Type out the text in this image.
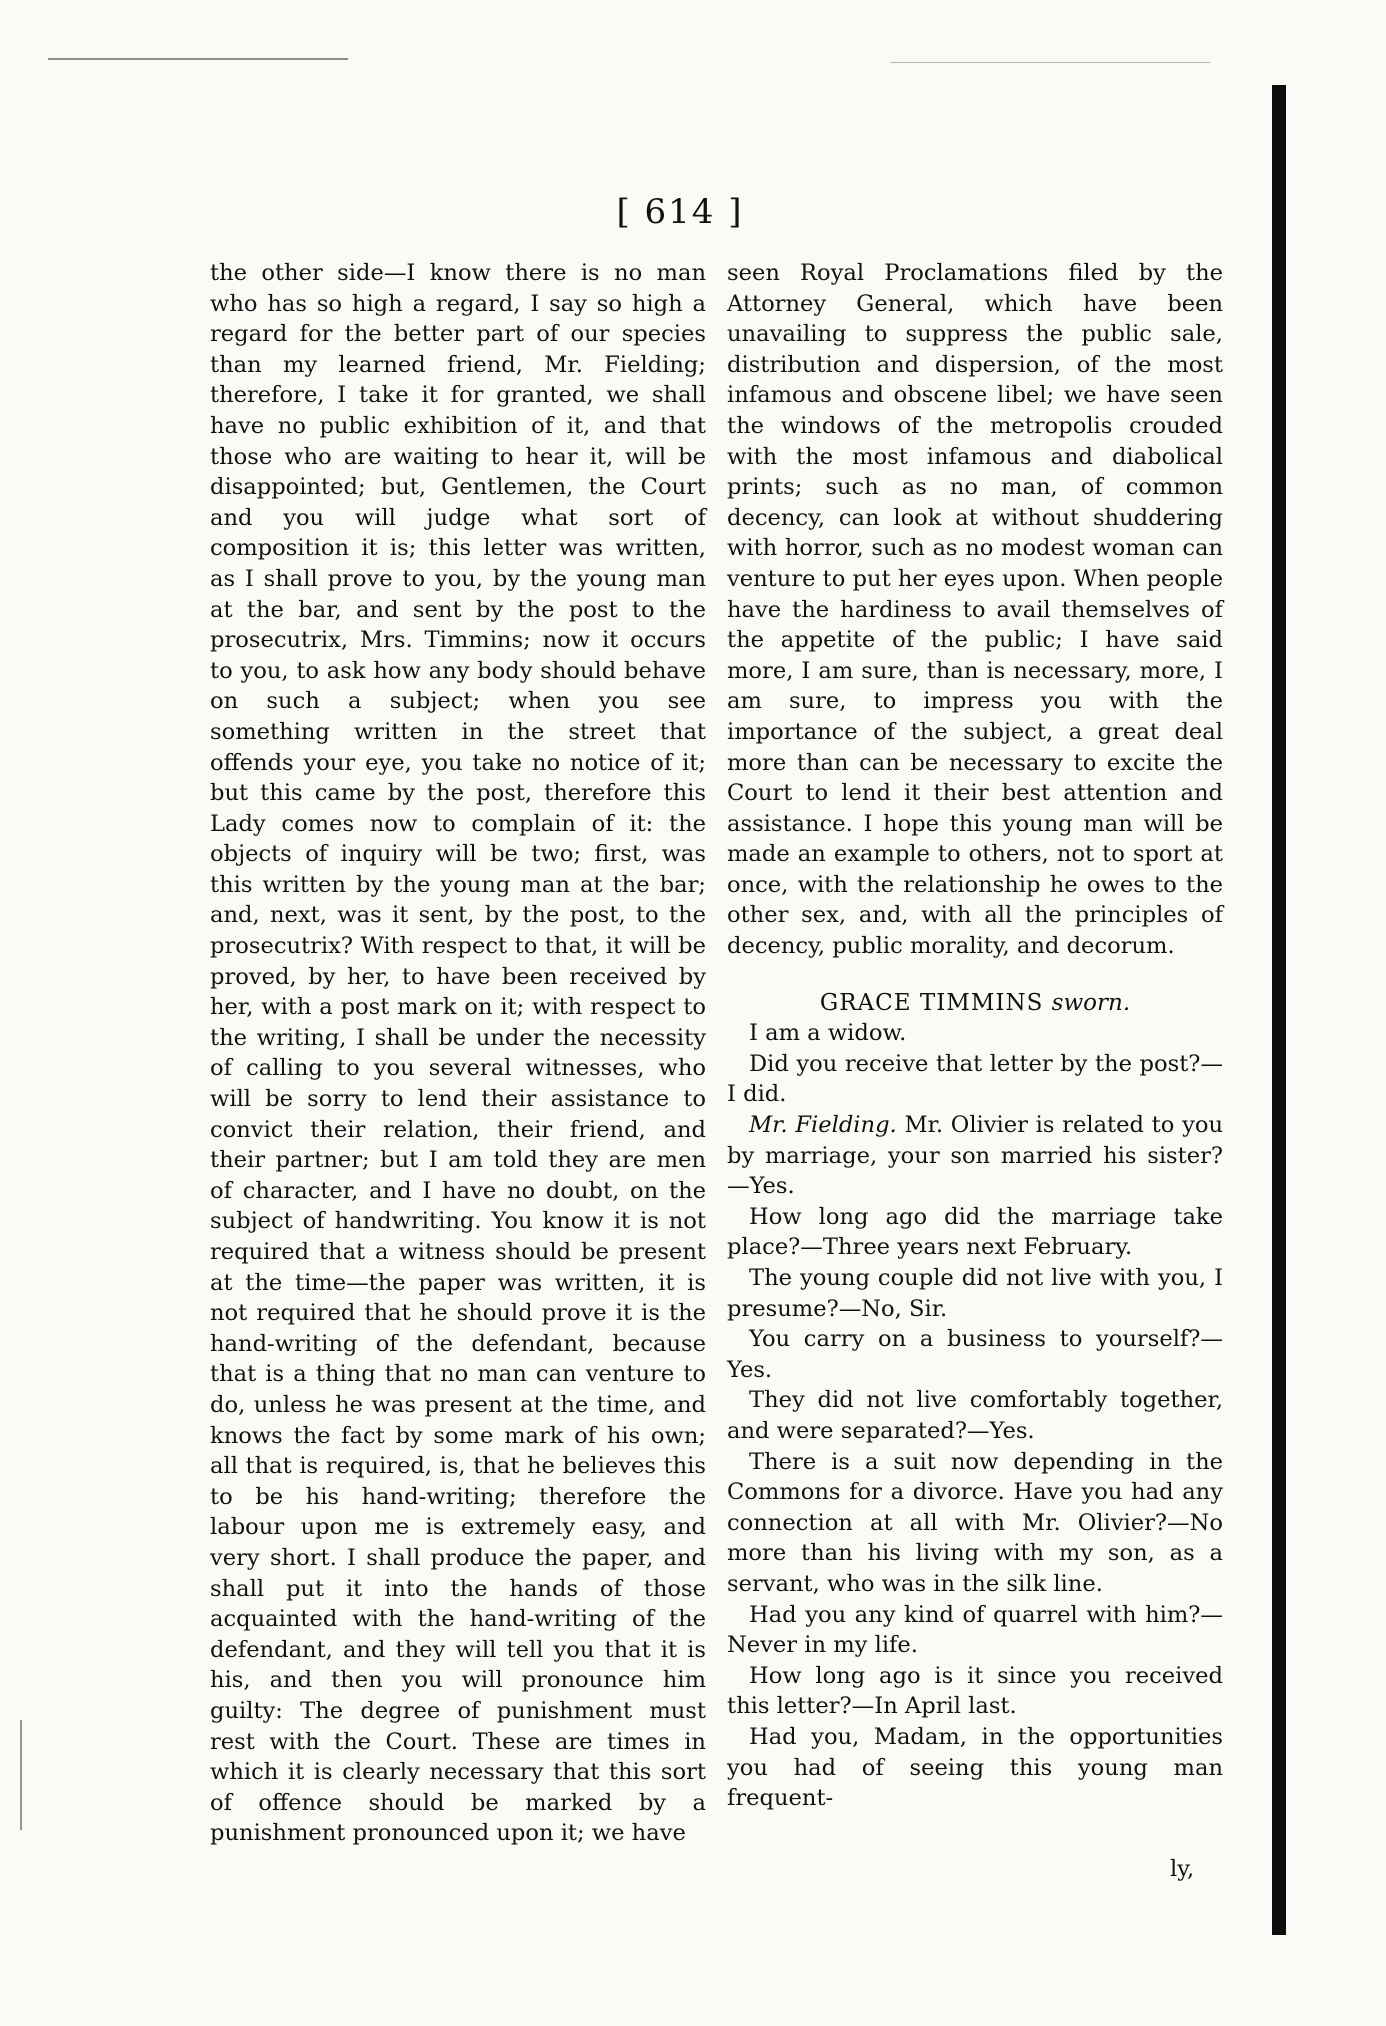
[ 614 ]

the other side—I know there is no man who has so high a regard, I say so high a regard for the better part of our species than my learned friend, Mr. Fielding; therefore, I take it for granted, we shall have no public exhibition of it, and that those who are waiting to hear it, will be disappointed; but, Gentlemen, the Court and you will judge what sort of composition it is; this letter was written, as I shall prove to you, by the young man at the bar, and sent by the post to the prosecutrix, Mrs. Timmins; now it occurs to you, to ask how any body should behave on such a subject; when you see something written in the street that offends your eye, you take no notice of it; but this came by the post, therefore this Lady comes now to complain of it: the objects of inquiry will be two; first, was this written by the young man at the bar; and, next, was it sent, by the post, to the prosecutrix? With respect to that, it will be proved, by her, to have been received by her, with a post mark on it; with respect to the writing, I shall be under the necessity of calling to you several witnesses, who will be sorry to lend their assistance to convict their relation, their friend, and their partner; but I am told they are men of character, and I have no doubt, on the subject of handwriting. You know it is not required that a witness should be present at the time—the paper was written, it is not required that he should prove it is the hand-writing of the defendant, because that is a thing that no man can venture to do, unless he was present at the time, and knows the fact by some mark of his own; all that is required, is, that he believes this to be his hand-writing; therefore the labour upon me is extremely easy, and very short. I shall produce the paper, and shall put it into the hands of those acquainted with the hand-writing of the defendant, and they will tell you that it is his, and then you will pronounce him guilty: The degree of punishment must rest with the Court. These are times in which it is clearly necessary that this sort of offence should be marked by a punishment pronounced upon it; we have

seen Royal Proclamations filed by the Attorney General, which have been unavailing to suppress the public sale, distribution and dispersion, of the most infamous and obscene libel; we have seen the windows of the metropolis crouded with the most infamous and diabolical prints; such as no man, of common decency, can look at without shuddering with horror, such as no modest woman can venture to put her eyes upon. When people have the hardiness to avail themselves of the appetite of the public; I have said more, I am sure, than is necessary, more, I am sure, to impress you with the importance of the subject, a great deal more than can be necessary to excite the Court to lend it their best attention and assistance. I hope this young man will be made an example to others, not to sport at once, with the relationship he owes to the other sex, and, with all the principles of decency, public morality, and decorum.

GRACE TIMMINS sworn.

I am a widow.

Did you receive that letter by the post?—I did.

Mr. Fielding. Mr. Olivier is related to you by marriage, your son married his sister?—Yes.

How long ago did the marriage take place?—Three years next February.

The young couple did not live with you, I presume?—No, Sir.

You carry on a business to yourself?—Yes.

They did not live comfortably together, and were separated?—Yes.

There is a suit now depending in the Commons for a divorce. Have you had any connection at all with Mr. Olivier?—No more than his living with my son, as a servant, who was in the silk line.

Had you any kind of quarrel with him?—Never in my life.

How long ago is it since you received this letter?—In April last.

Had you, Madam, in the opportunities you had of seeing this young man frequent-

ly,
